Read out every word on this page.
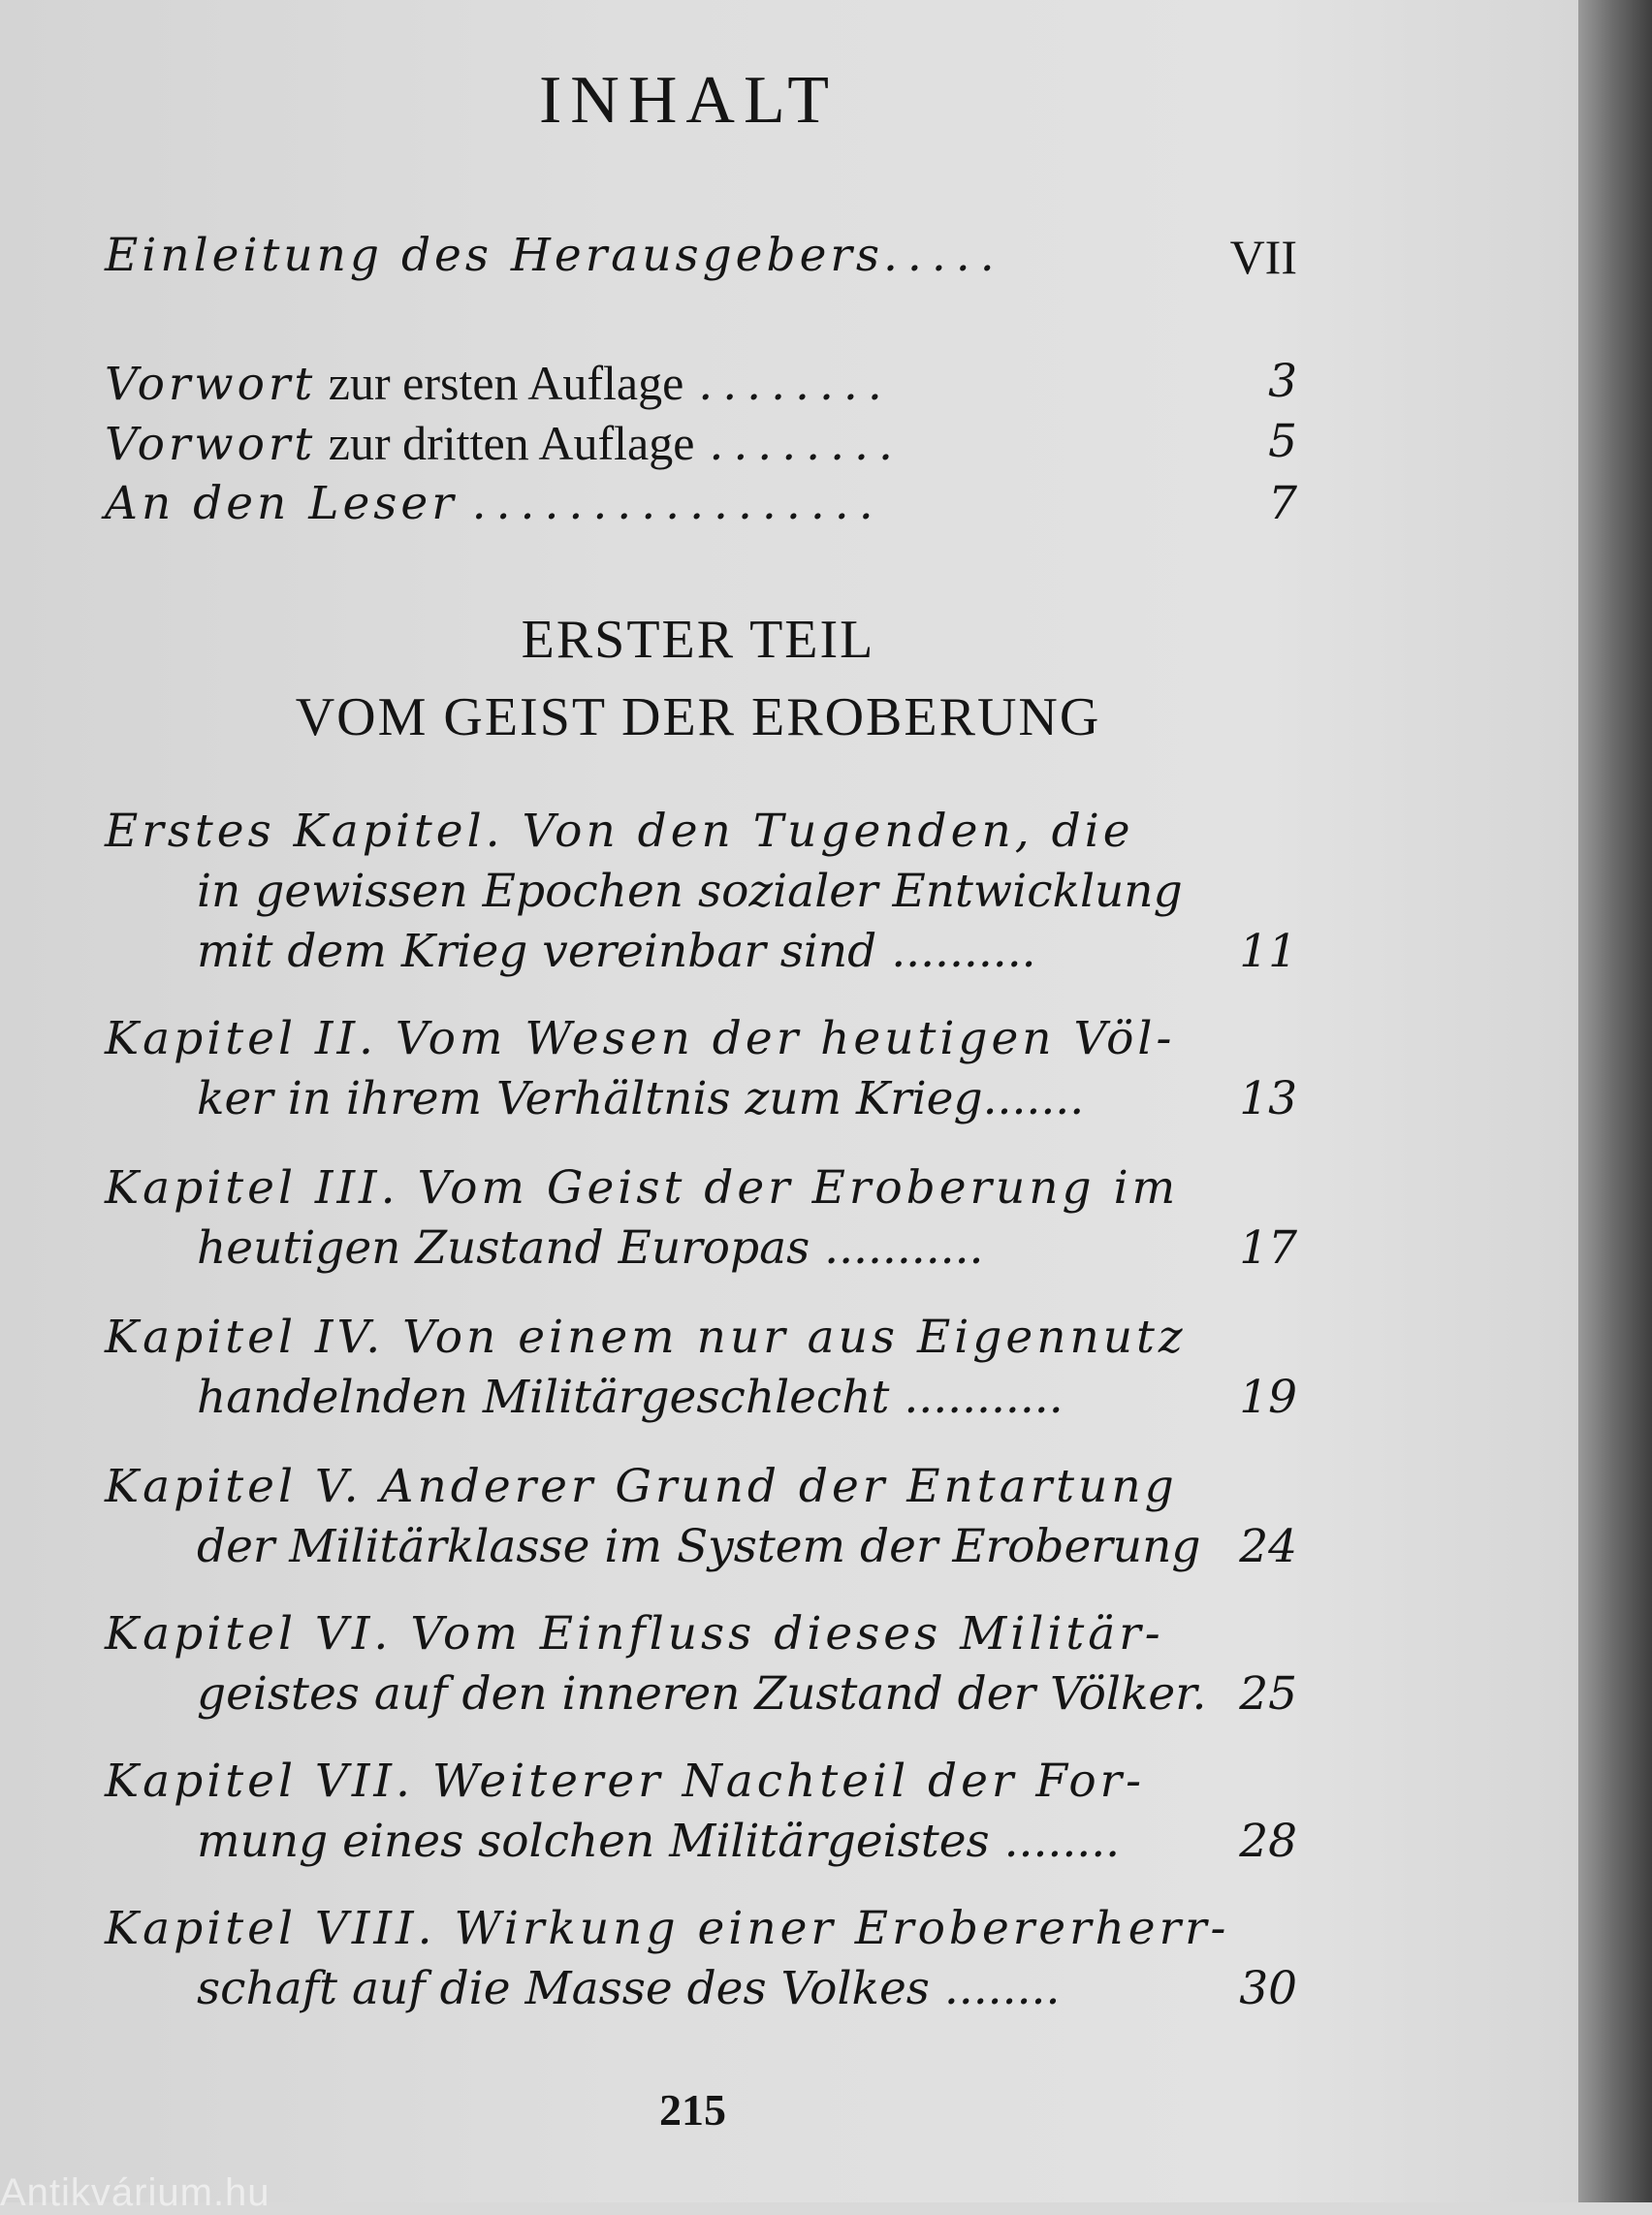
INHALT
Einleitung des Herausgebers.....	VII
Vorwort zur ersten Auflage ........	3
Vorwort zur dritten Auflage ........	5
An den Leser .................	7
ERSTER TEIL
VOM GEIST DER EROBERUNG
Erstes Kapitel. Von den Tugenden, die
in gewissen Epochen sozialer Entwicklung
mit dem Krieg vereinbar sind ..........	11
Kapitel II. Vom Wesen der heutigen Völ-
ker in ihrem Verhältnis zum Krieg.......	13
Kapitel III. Vom Geist der Eroberung im
heutigen Zustand Europas ...........	17
Kapitel IV. Von einem nur aus Eigennutz
handelnden Militärgeschlecht ...........	19
Kapitel V. Anderer Grund der Entartung
der Militärklasse im System der Eroberung 24
Kapitel VI. Vom Einfluss dieses Militär-
geistes auf den inneren Zustand der Völker. 25
Kapitel VII. Weiterer Nachteil der For-
mung eines solchen Militärgeistes ........	28
Kapitel VIII. Wirkung einer Erobererherr-
schaft auf die Masse des Volkes ........	30
215
Antikvárium.hu
